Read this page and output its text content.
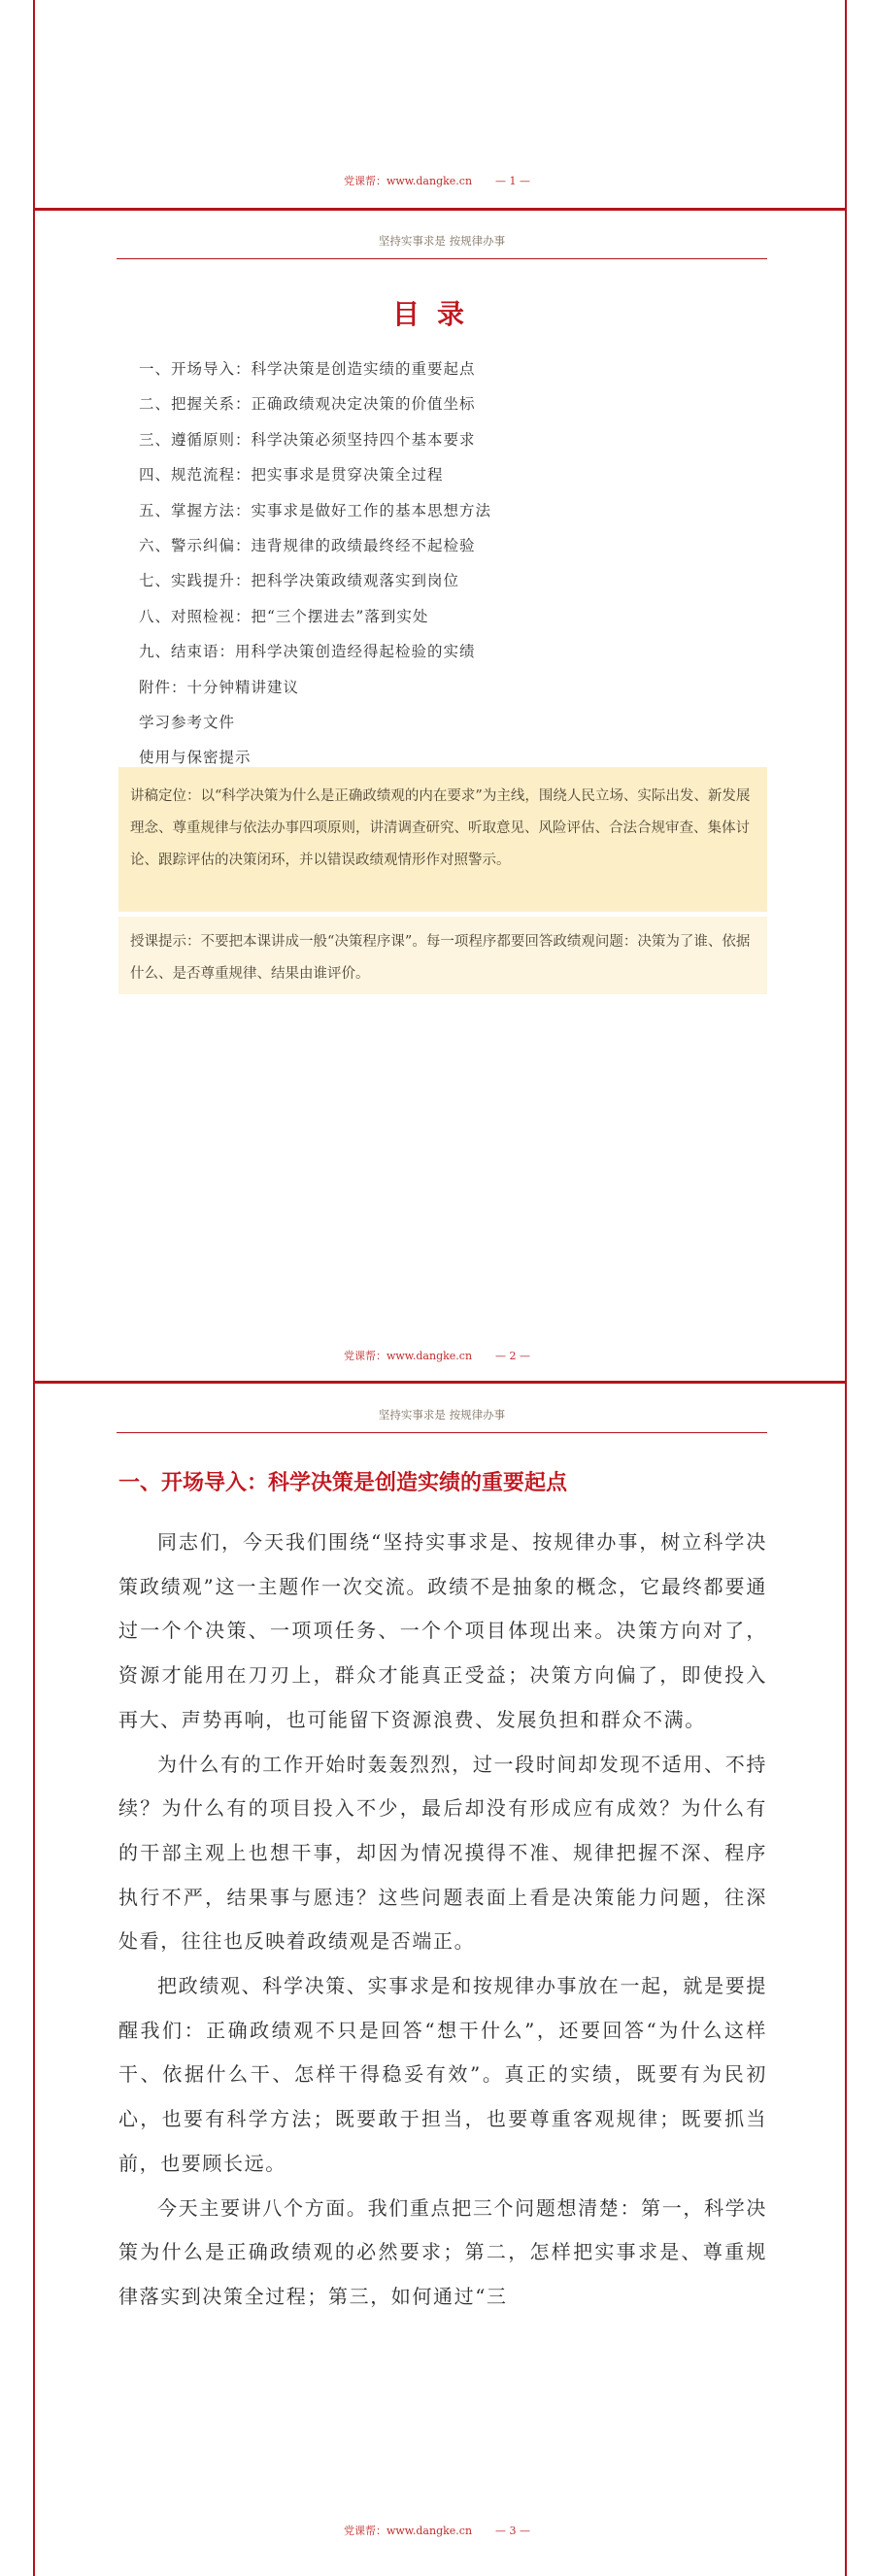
党课帮：www.dangke.cn — 1 —
坚持实事求是 按规律办事
目录
一、开场导入：科学决策是创造实绩的重要起点
二、把握关系：正确政绩观决定决策的价值坐标
三、遵循原则：科学决策必须坚持四个基本要求
四、规范流程：把实事求是贯穿决策全过程
五、掌握方法：实事求是做好工作的基本思想方法
六、警示纠偏：违背规律的政绩最终经不起检验
七、实践提升：把科学决策政绩观落实到岗位
八、对照检视：把“三个摆进去”落到实处
九、结束语：用科学决策创造经得起检验的实绩
附件：十分钟精讲建议
学习参考文件
使用与保密提示
讲稿定位：以“科学决策为什么是正确政绩观的内在要求”为主线，围绕人民立场、实际出发、新发展理念、尊重规律与依法办事四项原则，讲清调查研究、听取意见、风险评估、合法合规审查、集体讨论、跟踪评估的决策闭环，并以错误政绩观情形作对照警示。
授课提示：不要把本课讲成一般“决策程序课”。每一项程序都要回答政绩观问题：决策为了谁、依据什么、是否尊重规律、结果由谁评价。
党课帮：www.dangke.cn — 2 —
坚持实事求是 按规律办事
一、开场导入：科学决策是创造实绩的重要起点

同志们，今天我们围绕“坚持实事求是、按规律办事，树立科学决策政绩观”这一主题作一次交流。政绩不是抽象的概念，它最终都要通过一个个决策、一项项任务、一个个项目体现出来。决策方向对了，资源才能用在刀刃上，群众才能真正受益；决策方向偏了，即使投入再大、声势再响，也可能留下资源浪费、发展负担和群众不满。

为什么有的工作开始时轰轰烈烈，过一段时间却发现不适用、不持续？为什么有的项目投入不少，最后却没有形成应有成效？为什么有的干部主观上也想干事，却因为情况摸得不准、规律把握不深、程序执行不严，结果事与愿违？这些问题表面上看是决策能力问题，往深处看，往往也反映着政绩观是否端正。

把政绩观、科学决策、实事求是和按规律办事放在一起，就是要提醒我们：正确政绩观不只是回答“想干什么”，还要回答“为什么这样干、依据什么干、怎样干得稳妥有效”。真正的实绩，既要有为民初心，也要有科学方法；既要敢于担当，也要尊重客观规律；既要抓当前，也要顾长远。

今天主要讲八个方面。我们重点把三个问题想清楚：第一，科学决策为什么是正确政绩观的必然要求；第二，怎样把实事求是、尊重规律落实到决策全过程；第三，如何通过“三

党课帮：www.dangke.cn — 3 —
